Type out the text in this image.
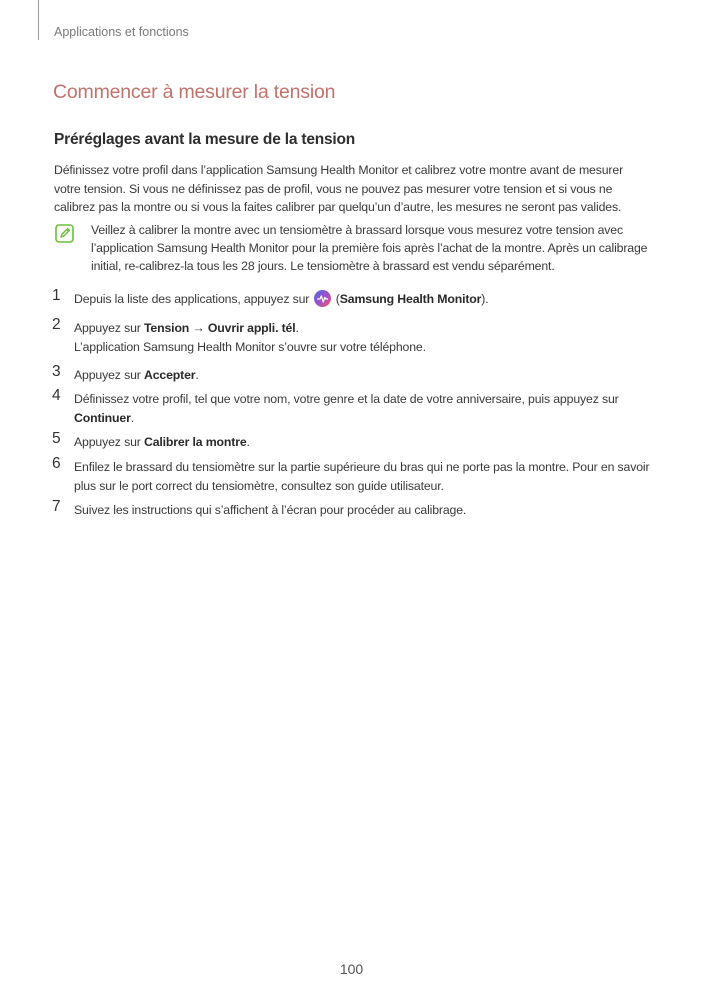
Applications et fonctions
Commencer à mesurer la tension
Préréglages avant la mesure de la tension

Définissez votre profil dans l’application Samsung Health Monitor et calibrez votre montre avant de mesurer votre tension. Si vous ne définissez pas de profil, vous ne pouvez pas mesurer votre tension et si vous ne calibrez pas la montre ou si vous la faites calibrer par quelqu’un d’autre, les mesures ne seront pas valides.

Veillez à calibrer la montre avec un tensiomètre à brassard lorsque vous mesurez votre tension avec l’application Samsung Health Monitor pour la première fois après l’achat de la montre. Après un calibrage initial, re-calibrez-la tous les 28 jours. Le tensiomètre à brassard est vendu séparément.

1 Depuis la liste des applications, appuyez sur
(Samsung Health Monitor).
2 Appuyez sur Tension → Ouvrir appli. tél.
L’application Samsung Health Monitor s’ouvre sur votre téléphone.
3 Appuyez sur Accepter.
4 Définissez votre profil, tel que votre nom, votre genre et la date de votre anniversaire, puis appuyez sur Continuer.
5 Appuyez sur Calibrer la montre.
6 Enfilez le brassard du tensiomètre sur la partie supérieure du bras qui ne porte pas la montre. Pour en savoir plus sur le port correct du tensiomètre, consultez son guide utilisateur.
7 Suivez les instructions qui s’affichent à l’écran pour procéder au calibrage.
100
